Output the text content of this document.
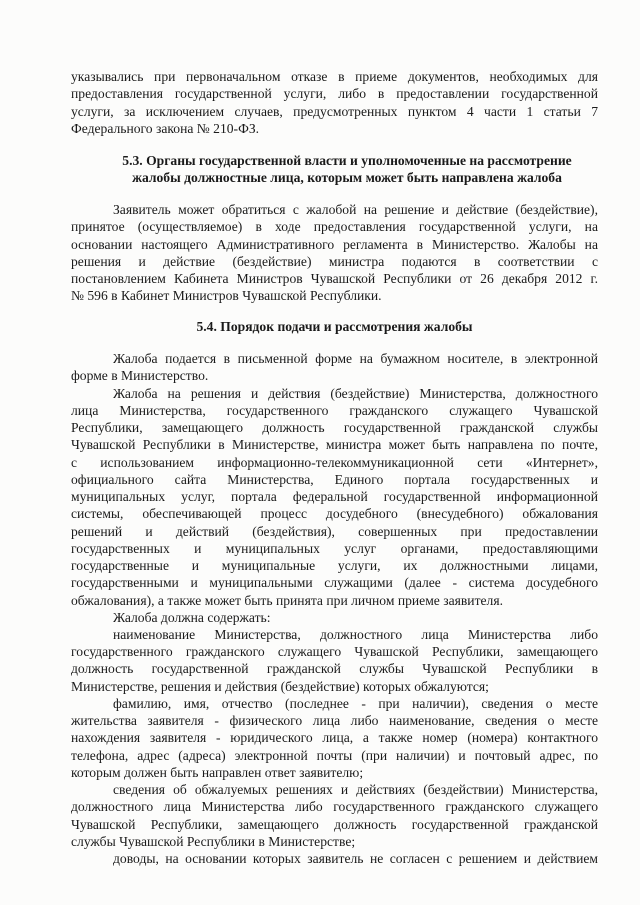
указывались при первоначальном отказе в приеме документов, необходимых для
предоставления государственной услуги, либо в предоставлении государственной
услуги, за исключением случаев, предусмотренных пунктом 4 части 1 статьи 7
Федерального закона № 210-ФЗ.
5.3. Органы государственной власти и уполномоченные на рассмотрение
жалобы должностные лица, которым может быть направлена жалоба
Заявитель может обратиться с жалобой на решение и действие (бездействие),
принятое (осуществляемое) в ходе предоставления государственной услуги, на
основании настоящего Административного регламента в Министерство. Жалобы на
решения и действие (бездействие) министра подаются в соответствии с
постановлением Кабинета Министров Чувашской Республики от 26 декабря 2012 г.
№ 596 в Кабинет Министров Чувашской Республики.
5.4. Порядок подачи и рассмотрения жалобы
Жалоба подается в письменной форме на бумажном носителе, в электронной
форме в Министерство.
Жалоба на решения и действия (бездействие) Министерства, должностного
лица Министерства, государственного гражданского служащего Чувашской
Республики, замещающего должность государственной гражданской службы
Чувашской Республики в Министерстве, министра может быть направлена по почте,
с использованием информационно-телекоммуникационной сети «Интернет»,
официального сайта Министерства, Единого портала государственных и
муниципальных услуг, портала федеральной государственной информационной
системы, обеспечивающей процесс досудебного (внесудебного) обжалования
решений и действий (бездействия), совершенных при предоставлении
государственных и муниципальных услуг органами, предоставляющими
государственные и муниципальные услуги, их должностными лицами,
государственными и муниципальными служащими (далее - система досудебного
обжалования), а также может быть принята при личном приеме заявителя.
Жалоба должна содержать:
наименование Министерства, должностного лица Министерства либо
государственного гражданского служащего Чувашской Республики, замещающего
должность государственной гражданской службы Чувашской Республики в
Министерстве, решения и действия (бездействие) которых обжалуются;
фамилию, имя, отчество (последнее - при наличии), сведения о месте
жительства заявителя - физического лица либо наименование, сведения о месте
нахождения заявителя - юридического лица, а также номер (номера) контактного
телефона, адрес (адреса) электронной почты (при наличии) и почтовый адрес, по
которым должен быть направлен ответ заявителю;
сведения об обжалуемых решениях и действиях (бездействии) Министерства,
должностного лица Министерства либо государственного гражданского служащего
Чувашской Республики, замещающего должность государственной гражданской
службы Чувашской Республики в Министерстве;
доводы, на основании которых заявитель не согласен с решением и действием
